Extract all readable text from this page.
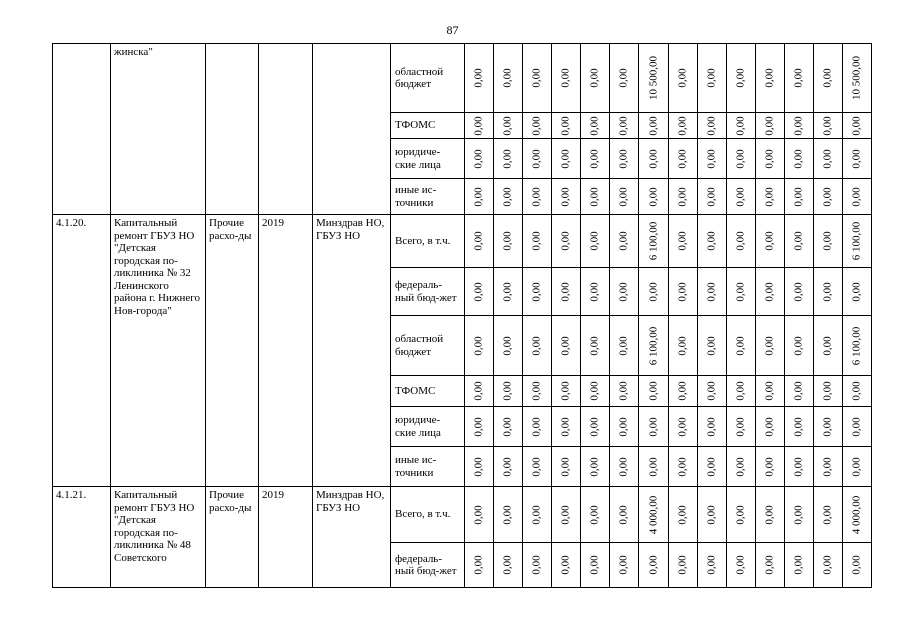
87
	жинска"				областной бюджет	0,00	0,00	0,00	0,00	0,00	0,00	10 500,00	0,00	0,00	0,00	0,00	0,00	0,00	10 500,00

					ТФОМС	0,00	0,00	0,00	0,00	0,00	0,00	0,00	0,00	0,00	0,00	0,00	0,00	0,00	0,00

					юридиче-ские лица	0,00	0,00	0,00	0,00	0,00	0,00	0,00	0,00	0,00	0,00	0,00	0,00	0,00	0,00

					иные ис-точники	0,00	0,00	0,00	0,00	0,00	0,00	0,00	0,00	0,00	0,00	0,00	0,00	0,00	0,00

4.1.20.	Капитальный ремонт ГБУЗ НО "Детская городская по-ликлиника № 32 Ленинского района г. Нижнего Нов-города"	Прочие расхо-ды	2019	Минздрав НО, ГБУЗ НО	Всего, в т.ч.	0,00	0,00	0,00	0,00	0,00	0,00	6 100,00	0,00	0,00	0,00	0,00	0,00	0,00	6 100,00

					федераль-ный бюд-жет	0,00	0,00	0,00	0,00	0,00	0,00	0,00	0,00	0,00	0,00	0,00	0,00	0,00	0,00

					областной бюджет	0,00	0,00	0,00	0,00	0,00	0,00	6 100,00	0,00	0,00	0,00	0,00	0,00	0,00	6 100,00

					ТФОМС	0,00	0,00	0,00	0,00	0,00	0,00	0,00	0,00	0,00	0,00	0,00	0,00	0,00	0,00

					юридиче-ские лица	0,00	0,00	0,00	0,00	0,00	0,00	0,00	0,00	0,00	0,00	0,00	0,00	0,00	0,00

					иные ис-точники	0,00	0,00	0,00	0,00	0,00	0,00	0,00	0,00	0,00	0,00	0,00	0,00	0,00	0,00

4.1.21.	Капитальный ремонт ГБУЗ НО "Детская городская по-ликлиника № 48 Советского	Прочие расхо-ды	2019	Минздрав НО, ГБУЗ НО	Всего, в т.ч.	0,00	0,00	0,00	0,00	0,00	0,00	4 000,00	0,00	0,00	0,00	0,00	0,00	0,00	4 000,00

					федераль-ный бюд-жет	0,00	0,00	0,00	0,00	0,00	0,00	0,00	0,00	0,00	0,00	0,00	0,00	0,00	0,00
